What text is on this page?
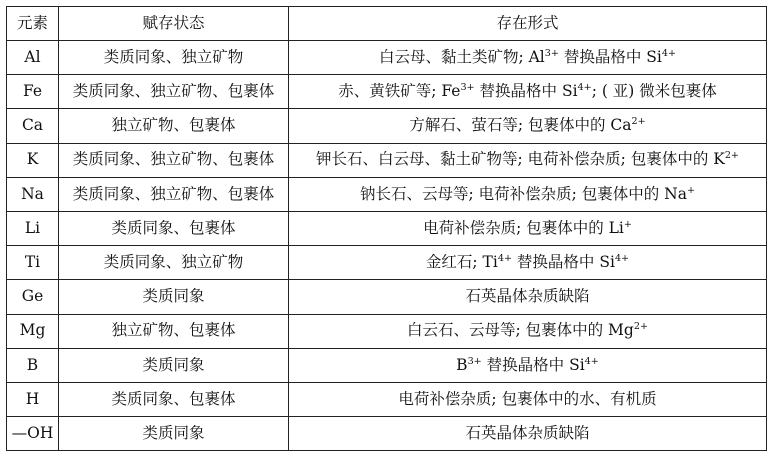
元素	赋存状态	存在形式
Al	类质同象、独立矿物	白云母、黏土类矿物; $Al^{3+}$ 替换晶格中 $Si^{4+}$
Fe	类质同象、独立矿物、包裹体	赤、黄铁矿等; $Fe^{3+}$ 替换晶格中 $Si^{4+}$; ( 亚) 微米包裹体
Ca	独立矿物、包裹体	方解石、萤石等; 包裹体中的 $Ca^{2+}$
K	类质同象、独立矿物、包裹体	钾长石、白云母、黏土矿物等; 电荷补偿杂质; 包裹体中的 $K^{2+}$
Na	类质同象、独立矿物、包裹体	钠长石、云母等; 电荷补偿杂质; 包裹体中的 Na+
Li	类质同象、包裹体	电荷补偿杂质; 包裹体中的 Li+
Ti	类质同象、独立矿物	金红石; $Ti^{4+}$ 替换晶格中 $Si^{4+}$
Ge	类质同象	石英晶体杂质缺陷
Mg	独立矿物、包裹体	白云石、云母等; 包裹体中的 $Mg^{2+}$
B	类质同象	$B^{3+}$ 替换晶格中 $Si^{4+}$
H	类质同象、包裹体	电荷补偿杂质; 包裹体中的水、有机质
—OH	类质同象	石英晶体杂质缺陷
